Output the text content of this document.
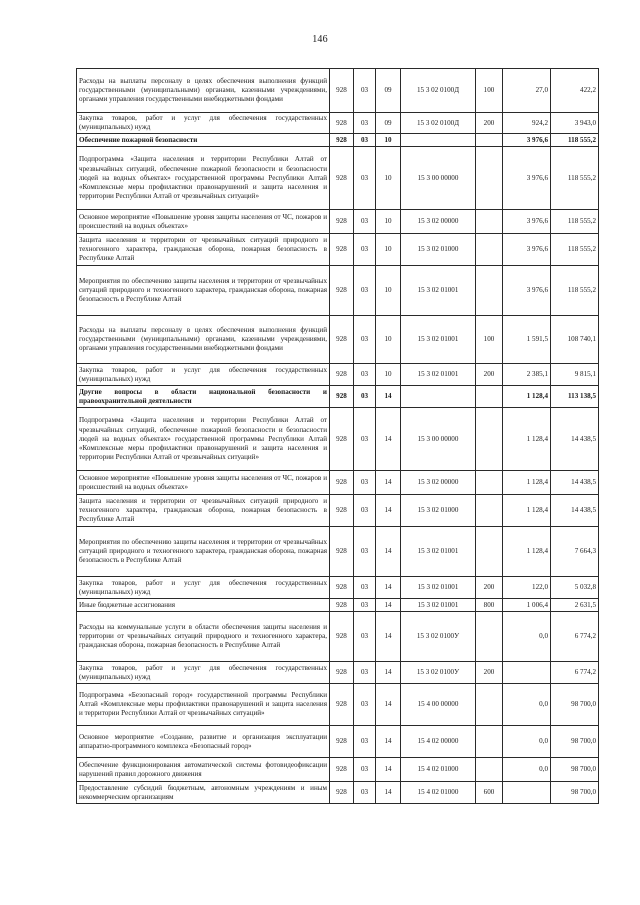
146
Расходы на выплаты персоналу в целях обеспечения выполнения функций государственными (муниципальными) органами, казенными учреждениями, органами управления государственными внебюджетными фондами	928	03	09	15 3 02 0100Д	100	27,0	422,2
Закупка товаров, работ и услуг для обеспечения государственных (муниципальных) нужд	928	03	09	15 3 02 0100Д	200	924,2	3 943,0
Обеспечение пожарной безопасности	928	03	10			3 976,6	118 555,2
Подпрограмма «Защита населения и территории Республики Алтай от чрезвычайных ситуаций, обеспечение пожарной безопасности и безопасности людей на водных объектах» государственной программы Республики Алтай «Комплексные меры профилактики правонарушений и защита населения и территории Республики Алтай от чрезвычайных ситуаций»	928	03	10	15 3 00 00000		3 976,6	118 555,2
Основное мероприятие «Повышение уровня защиты населения от ЧС, пожаров и происшествий на водных объектах»	928	03	10	15 3 02 00000		3 976,6	118 555,2
Защита населения и территории от чрезвычайных ситуаций природного и техногенного характера, гражданская оборона, пожарная безопасность в Республике Алтай	928	03	10	15 3 02 01000		3 976,6	118 555,2
Мероприятия по обеспечению защиты населения и территории от чрезвычайных ситуаций природного и техногенного характера, гражданская оборона, пожарная безопасность в Республике Алтай	928	03	10	15 3 02 01001		3 976,6	118 555,2
Расходы на выплаты персоналу в целях обеспечения выполнения функций государственными (муниципальными) органами, казенными учреждениями, органами управления государственными внебюджетными фондами	928	03	10	15 3 02 01001	100	1 591,5	108 740,1
Закупка товаров, работ и услуг для обеспечения государственных (муниципальных) нужд	928	03	10	15 3 02 01001	200	2 385,1	9 815,1
Другие вопросы в области национальной безопасности и правоохранительной деятельности	928	03	14			1 128,4	113 138,5
Подпрограмма «Защита населения и территории Республики Алтай от чрезвычайных ситуаций, обеспечение пожарной безопасности и безопасности людей на водных объектах» государственной программы Республики Алтай «Комплексные меры профилактики правонарушений и защита населения и территории Республики Алтай от чрезвычайных ситуаций»	928	03	14	15 3 00 00000		1 128,4	14 438,5
Основное мероприятие «Повышение уровня защиты населения от ЧС, пожаров и происшествий на водных объектах»	928	03	14	15 3 02 00000		1 128,4	14 438,5
Защита населения и территории от чрезвычайных ситуаций природного и техногенного характера, гражданская оборона, пожарная безопасность в Республике Алтай	928	03	14	15 3 02 01000		1 128,4	14 438,5
Мероприятия по обеспечению защиты населения и территории от чрезвычайных ситуаций природного и техногенного характера, гражданская оборона, пожарная безопасность в Республике Алтай	928	03	14	15 3 02 01001		1 128,4	7 664,3
Закупка товаров, работ и услуг для обеспечения государственных (муниципальных) нужд	928	03	14	15 3 02 01001	200	122,0	5 032,8
Иные бюджетные ассигнования	928	03	14	15 3 02 01001	800	1 006,4	2 631,5
Расходы на коммунальные услуги в области обеспечения защиты населения и территории от чрезвычайных ситуаций природного и техногенного характера, гражданская оборона, пожарная безопасность в Республике Алтай	928	03	14	15 3 02 0100У		0,0	6 774,2
Закупка товаров, работ и услуг для обеспечения государственных (муниципальных) нужд	928	03	14	15 3 02 0100У	200		6 774,2
Подпрограмма «Безопасный город» государственной программы Республики Алтай «Комплексные меры профилактики правонарушений и защита населения и территории Республики Алтай от чрезвычайных ситуаций»	928	03	14	15 4 00 00000		0,0	98 700,0
Основное мероприятие «Создание, развитие и организация эксплуатации аппаратно-программного комплекса «Безопасный город»	928	03	14	15 4 02 00000		0,0	98 700,0
Обеспечение функционирования автоматической системы фотовидеофиксации нарушений правил дорожного движения	928	03	14	15 4 02 01000		0,0	98 700,0
Предоставление субсидий бюджетным, автономным учреждениям и иным некоммерческим организациям	928	03	14	15 4 02 01000	600		98 700,0
